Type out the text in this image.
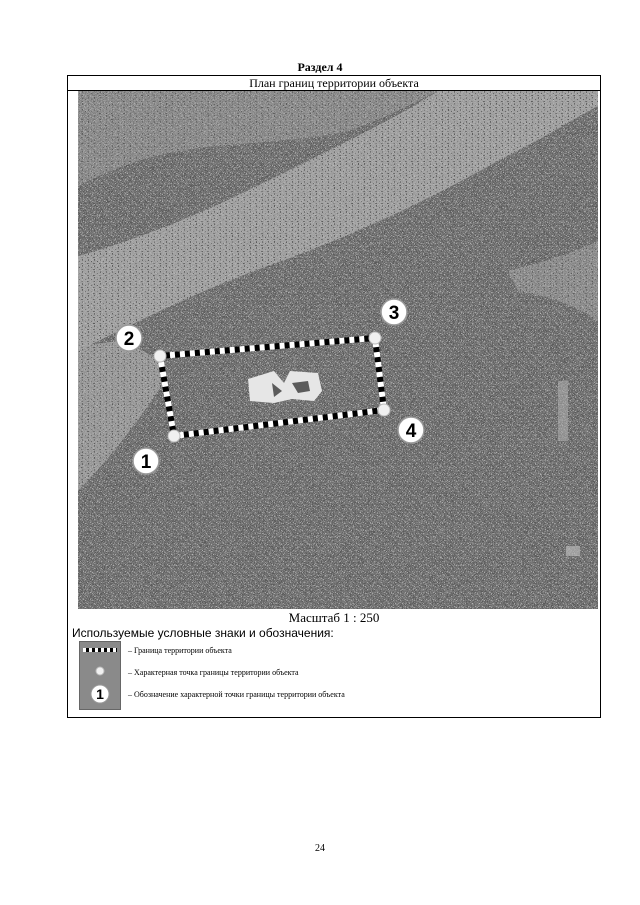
Раздел 4
План границ территории объекта
1
2
3
4
Масштаб 1 : 250
Используемые условные знаки и обозначения:
1
– Граница территории объекта
– Характерная точка границы территории объекта
– Обозначение характерной точки границы территории объекта
24
